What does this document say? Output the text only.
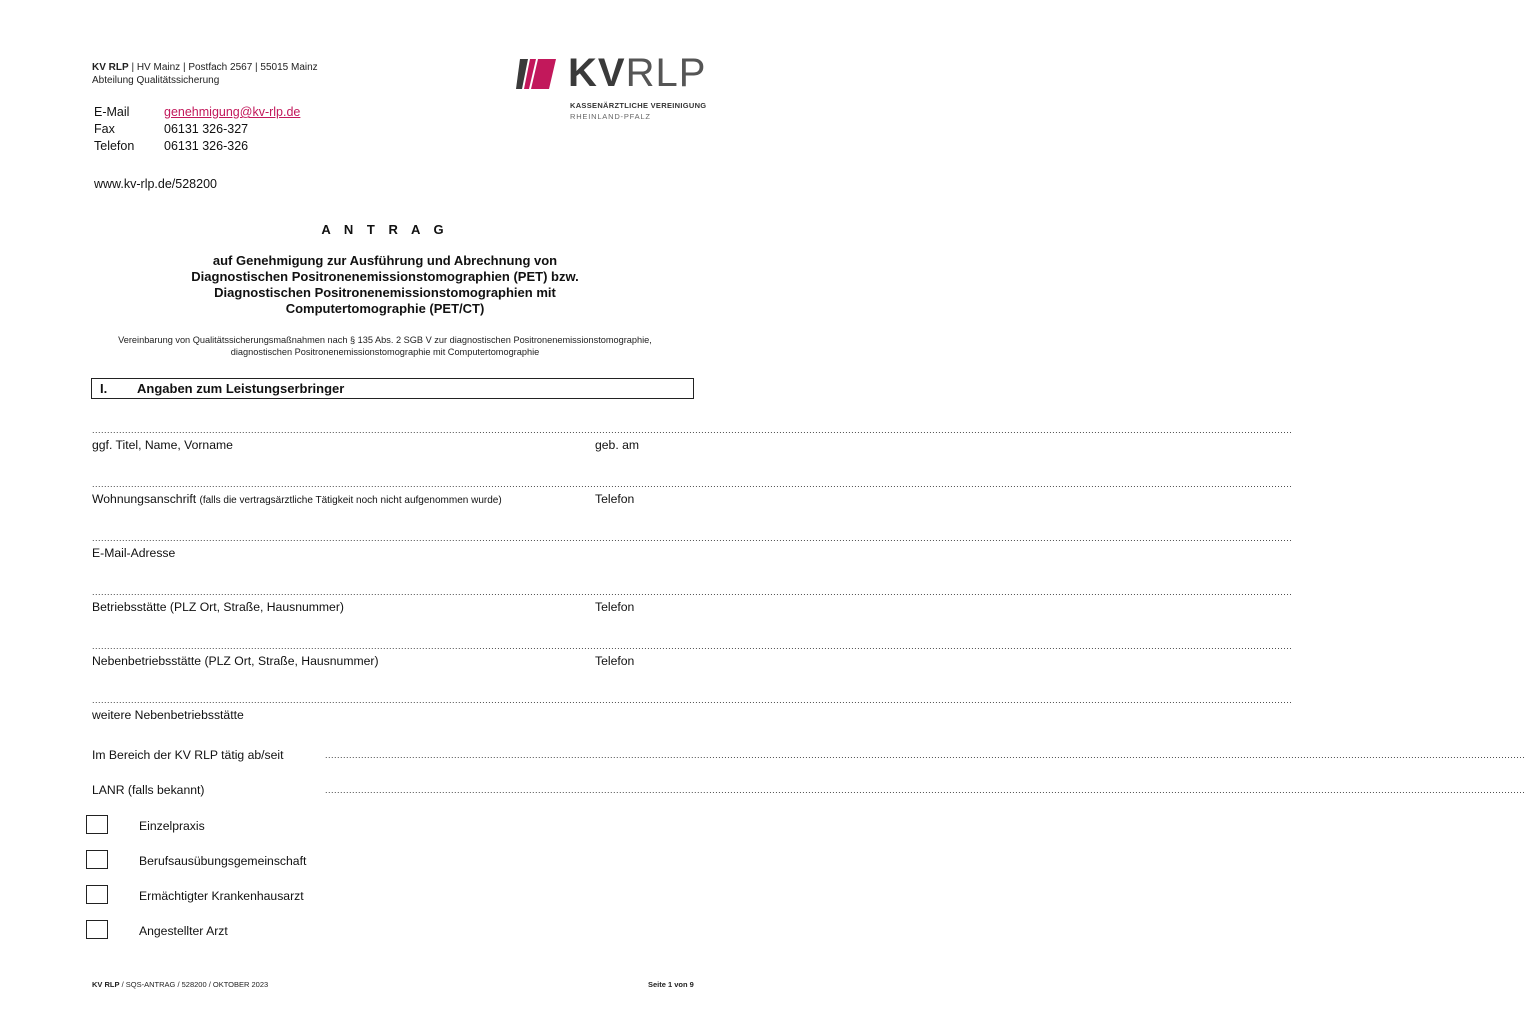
KV RLP | HV Mainz | Postfach 2567 | 55015 Mainz
Abteilung Qualitätssicherung
E-Mail	genehmigung@kv-rlp.de
Fax	06131 326-327
Telefon	06131 326-326
www.kv-rlp.de/528200
KVRLP
KASSENÄRZTLICHE VEREINIGUNG
RHEINLAND-PFALZ
A N T R A G
auf Genehmigung zur Ausführung und Abrechnung von
Diagnostischen Positronenemissionstomographien (PET) bzw.
Diagnostischen Positronenemissionstomographien mit
Computertomographie (PET/CT)
Vereinbarung von Qualitätssicherungsmaßnahmen nach § 135 Abs. 2 SGB V zur diagnostischen Positronenemissionstomographie,
diagnostischen Positronenemissionstomographie mit Computertomographie
I. Angaben zum Leistungserbringer
................................................................................................................................................................................................................................................................................................................................................................................................................
ggf. Titel, Name, Vorname	geb. am
................................................................................................................................................................................................................................................................................................................................................................................................................
Wohnungsanschrift (falls die vertragsärztliche Tätigkeit noch nicht aufgenommen wurde)	Telefon
................................................................................................................................................................................................................................................................................................................................................................................................................
E-Mail-Adresse
................................................................................................................................................................................................................................................................................................................................................................................................................
Betriebsstätte (PLZ Ort, Straße, Hausnummer)	Telefon
................................................................................................................................................................................................................................................................................................................................................................................................................
Nebenbetriebsstätte (PLZ Ort, Straße, Hausnummer)	Telefon
................................................................................................................................................................................................................................................................................................................................................................................................................
weitere Nebenbetriebsstätte
Im Bereich der KV RLP tätig ab/seit	................................................................................................................................................................................................................................................................................................................................................................................................................
LANR (falls bekannt)	................................................................................................................................................................................................................................................................................................................................................................................................................
Einzelpraxis
Berufsausübungsgemeinschaft
Ermächtigter Krankenhausarzt
Angestellter Arzt
KV RLP / SQS-ANTRAG / 528200 / OKTOBER 2023	Seite 1 von 9
